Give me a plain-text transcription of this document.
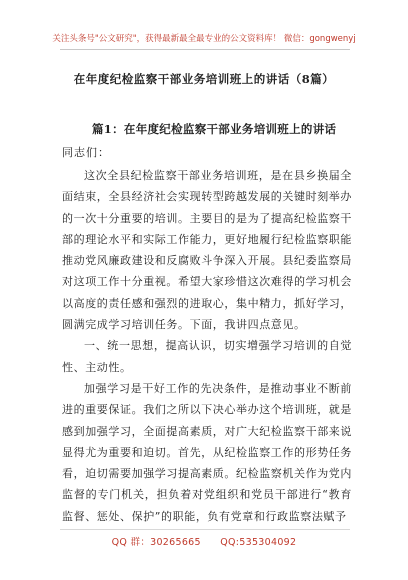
关注头条号"公文研究"，获得最新最全最专业的公文资料库！ 微信：gongwenyj
在年度纪检监察干部业务培训班上的讲话（8篇）
篇1：在年度纪检监察干部业务培训班上的讲话
同志们：

这次全县纪检监察干部业务培训班，是在县乡换届全面结束，全县经济社会实现转型跨越发展的关键时刻举办的一次十分重要的培训。主要目的是为了提高纪检监察干部的理论水平和实际工作能力，更好地履行纪检监察职能推动党风廉政建设和反腐败斗争深入开展。县纪委监察局对这项工作十分重视。希望大家珍惜这次难得的学习机会以高度的责任感和强烈的进取心，集中精力，抓好学习，圆满完成学习培训任务。下面，我讲四点意见。

一、统一思想，提高认识，切实增强学习培训的自觉性、主动性。

加强学习是干好工作的先决条件，是推动事业不断前进的重要保证。我们之所以下决心举办这个培训班，就是感到加强学习，全面提高素质，对广大纪检监察干部来说显得尤为重要和迫切。首先，从纪检监察工作的形势任务看，迫切需要加强学习提高素质。纪检监察机关作为党内监督的专门机关，担负着对党组织和党员干部进行“教育监督、惩处、保护”的职能，负有党章和行政监察法赋予

QQ 群：30265665 QQ:535304092
